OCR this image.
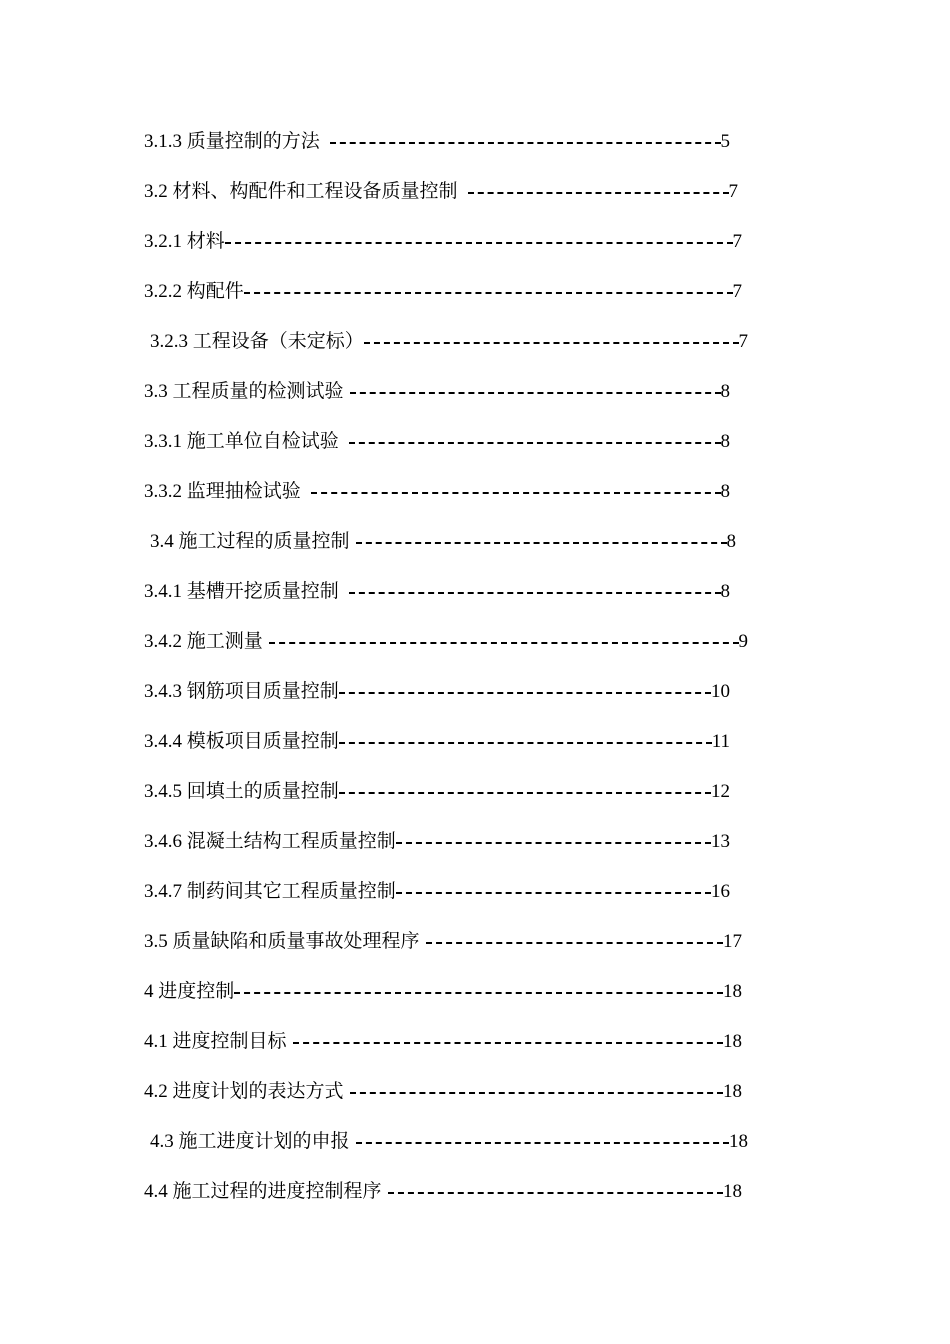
3.1.3 质量控制的方法	5
3.2 材料、构配件和工程设备质量控制	7
3.2.1 材料	7
3.2.2 构配件	7
3.2.3 工程设备（未定标）	7
3.3 工程质量的检测试验	8
3.3.1 施工单位自检试验	8
3.3.2 监理抽检试验	8
3.4 施工过程的质量控制	8
3.4.1 基槽开挖质量控制	8
3.4.2 施工测量	9
3.4.3 钢筋项目质量控制	10
3.4.4 模板项目质量控制	11
3.4.5 回填土的质量控制	12
3.4.6 混凝土结构工程质量控制	13
3.4.7 制药间其它工程质量控制	16
3.5 质量缺陷和质量事故处理程序	17
4 进度控制	18
4.1 进度控制目标	18
4.2 进度计划的表达方式	18
4.3 施工进度计划的申报	18
4.4 施工过程的进度控制程序	18
